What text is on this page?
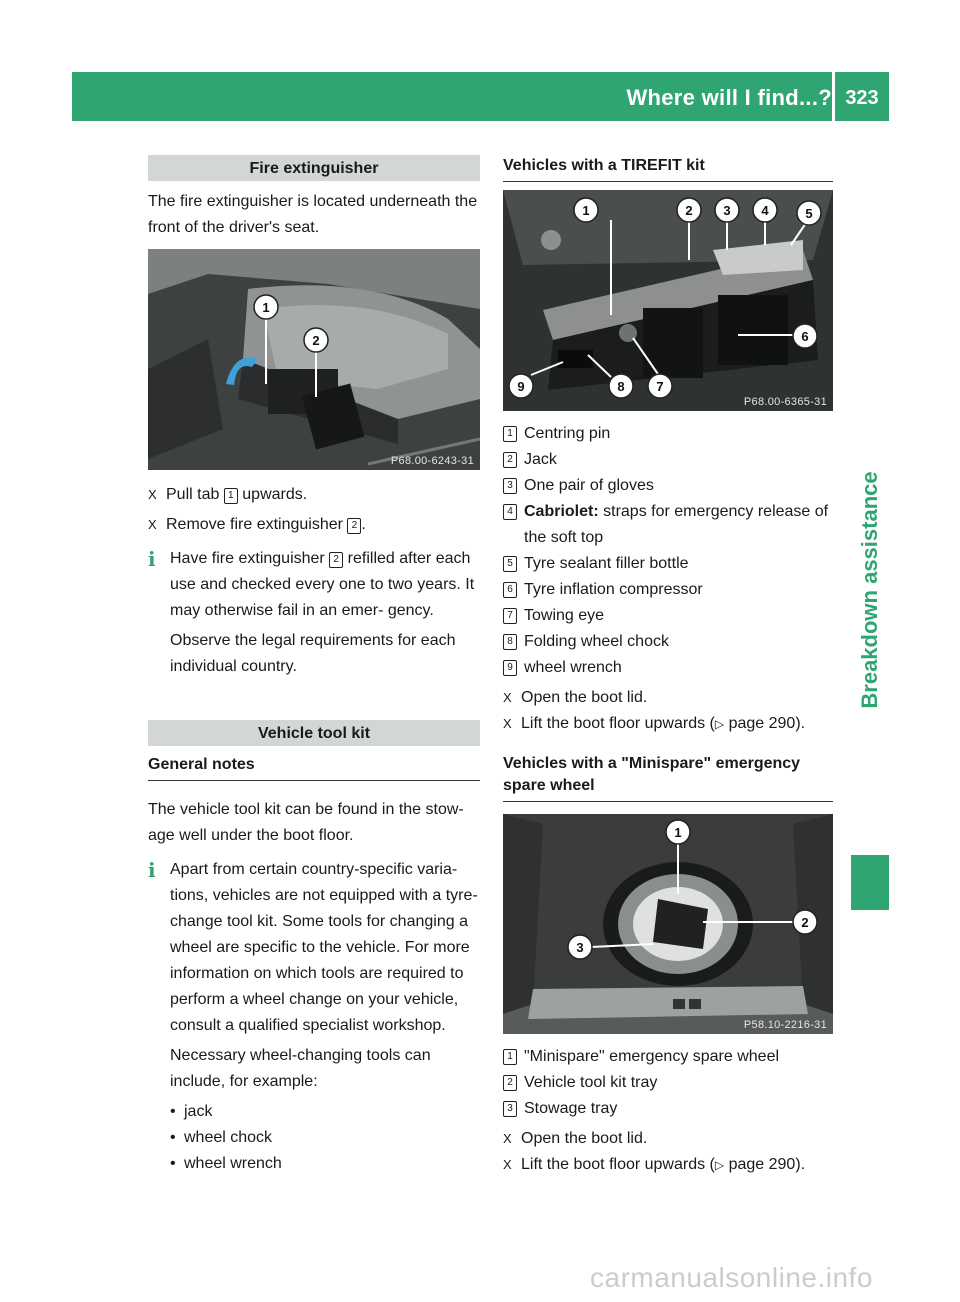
Where will I find...? 323
Breakdown assistance
Fire extinguisher

The fire extinguisher is located underneath the front of the driver's seat.

1
2
P68.00-6243-31
X Pull tab 1 upwards.
X Remove fire extinguisher 2 .
i Have fire extinguisher 2 refilled after each use and checked every one to two years. It may otherwise fail in an emer- gency.

Observe the legal requirements for each individual country.

Vehicle tool kit
General notes

The vehicle tool kit can be found in the stow- age well under the boot floor.

i Apart from certain country-specific varia- tions, vehicles are not equipped with a tyre- change tool kit. Some tools for changing a wheel are specific to the vehicle. For more information on which tools are required to perform a wheel change on your vehicle, consult a qualified specialist workshop.

Necessary wheel-changing tools can include, for example:

• jack
• wheel chock
• wheel wrench
Vehicles with a TIREFIT kit
1	2 3 4	5
6
7
8
9
P68.00-6365-31
1 Centring pin
2 Jack
3 One pair of gloves
4 Cabriolet: straps for emergency release of the soft top
5 Tyre sealant filler bottle
6 Tyre inflation compressor
7 Towing eye
8 Folding wheel chock
9 wheel wrench
X Open the boot lid.
X Lift the boot floor upwards (▷ page 290).
Vehicles with a "Minispare" emergency spare wheel
1
2
3
P58.10-2216-31
1 "Minispare" emergency spare wheel
2 Vehicle tool kit tray
3 Stowage tray
X Open the boot lid.
X Lift the boot floor upwards (▷ page 290).
carmanualsonline.info
